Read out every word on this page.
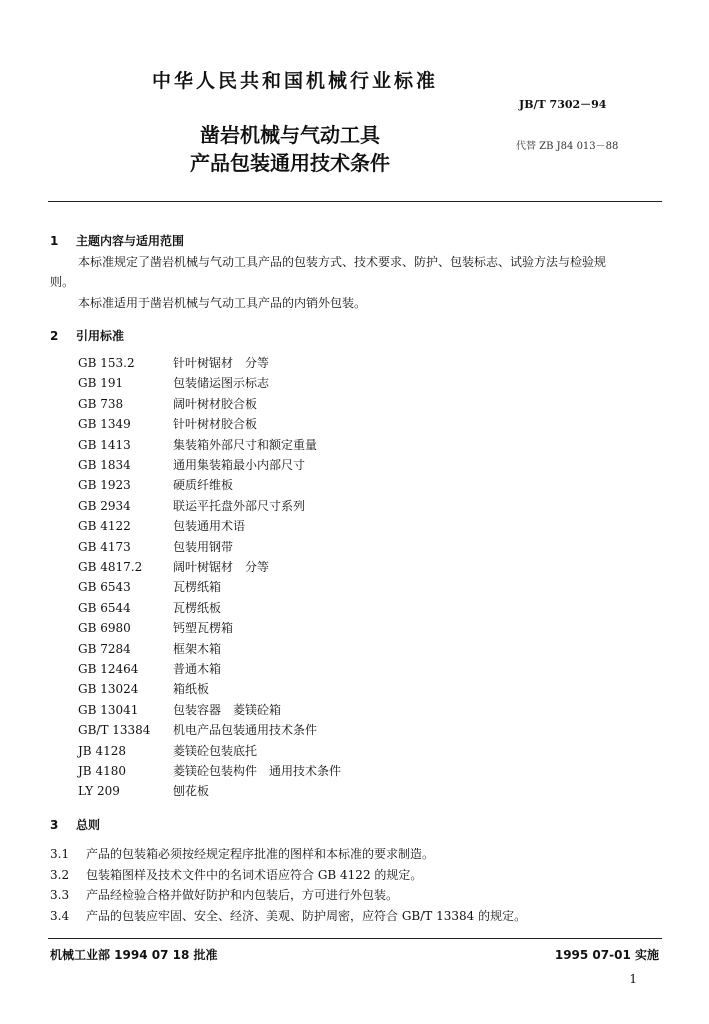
中华人民共和国机械行业标准
JB/T 7302－94
凿岩机械与气动工具
产品包装通用技术条件
代替 ZB J84 013－88
1 主题内容与适用范围
本标准规定了凿岩机械与气动工具产品的包装方式、技术要求、防护、包装标志、试验方法与检验规
则。
本标准适用于凿岩机械与气动工具产品的内销外包装。
2 引用标准
GB 153.2	针叶树锯材　分等
GB 191	包装储运图示标志
GB 738	阔叶树材胶合板
GB 1349	针叶树材胶合板
GB 1413	集装箱外部尺寸和额定重量
GB 1834	通用集装箱最小内部尺寸
GB 1923	硬质纤维板
GB 2934	联运平托盘外部尺寸系列
GB 4122	包装通用术语
GB 4173	包装用钢带
GB 4817.2	阔叶树锯材　分等
GB 6543	瓦楞纸箱
GB 6544	瓦楞纸板
GB 6980	钙塑瓦楞箱
GB 7284	框架木箱
GB 12464	普通木箱
GB 13024	箱纸板
GB 13041	包装容器　菱镁砼箱
GB/T 13384 机电产品包装通用技术条件
JB 4128	菱镁砼包装底托
JB 4180	菱镁砼包装构件　通用技术条件
LY 209	刨花板
3 总则
3.1 产品的包装箱必须按经规定程序批准的图样和本标准的要求制造。
3.2 包装箱图样及技术文件中的名词术语应符合 GB 4122 的规定。
3.3 产品经检验合格并做好防护和内包装后，方可进行外包装。
3.4 产品的包装应牢固、安全、经济、美观、防护周密，应符合 GB/T 13384 的规定。
机械工业部 1994 07 18 批准	1995 07-01 实施
1
